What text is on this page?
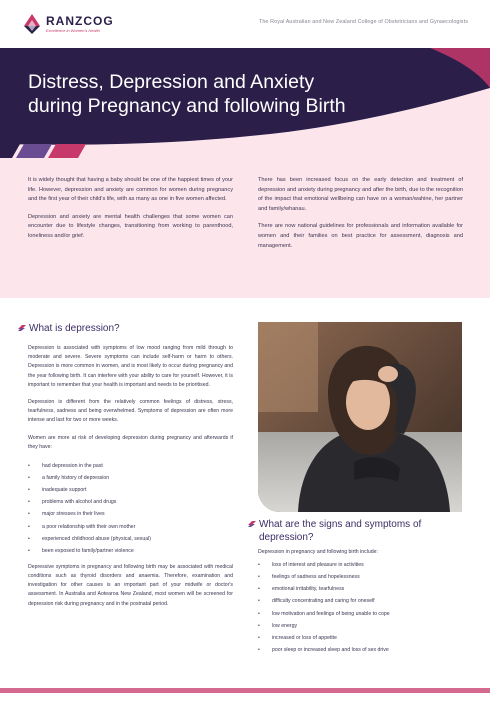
RANZCOG
Excellence in Women's Health
The Royal Australian and New Zealand College of Obstetricians and Gynaecologists
Distress, Depression and Anxiety
during Pregnancy and following Birth

It is widely thought that having a baby should be one of the happiest times of your life. However, depression and anxiety are common for women during pregnancy and the first year of their child's life, with as many as one in five women affected.

Depression and anxiety are mental health challenges that some women can encounter due to lifestyle changes, transitioning from working to parenthood, loneliness and/or grief.

There has been increased focus on the early detection and treatment of depression and anxiety during pregnancy and after the birth, due to the recognition of the impact that emotional wellbeing can have on a woman/wahine, her partner and family/whanau.

There are now national guidelines for professionals and information available for women and their families on best practice for assessment, diagnosis and management.

What is depression?

Depression is associated with symptoms of low mood ranging from mild through to moderate and severe. Severe symptoms can include self-harm or harm to others. Depression is more common in women, and is most likely to occur during pregnancy and the year following birth. It can interfere with your ability to care for yourself. However, it is important to remember that your health is important and needs to be prioritised.

Depression is different from the relatively common feelings of distress, stress, tearfulness, sadness and being overwhelmed. Symptoms of depression are often more intense and last for two or more weeks.

Women are more at risk of developing depression during pregnancy and afterwards if they have:

• had depression in the past
• a family history of depression
• inadequate support
• problems with alcohol and drugs
• major stresses in their lives
• a poor relationship with their own mother
• experienced childhood abuse (physical, sexual)
• been exposed to family/partner violence

Depressive symptoms in pregnancy and following birth may be associated with medical conditions such as thyroid disorders and anaemia. Therefore, examination and investigation for other causes is an important part of your midwife or doctor's assessment. In Australia and Aotearoa New Zealand, most women will be screened for depression risk during pregnancy and in the postnatal period.

What are the signs and symptoms of
depression?

Depression in pregnancy and following birth include:

• loss of interest and pleasure in activities
• feelings of sadness and hopelessness
• emotional irritability, tearfulness
• difficulty concentrating and caring for oneself
• low motivation and feelings of being unable to cope
• low energy
• increased or loss of appetite
• poor sleep or increased sleep and loss of sex drive
